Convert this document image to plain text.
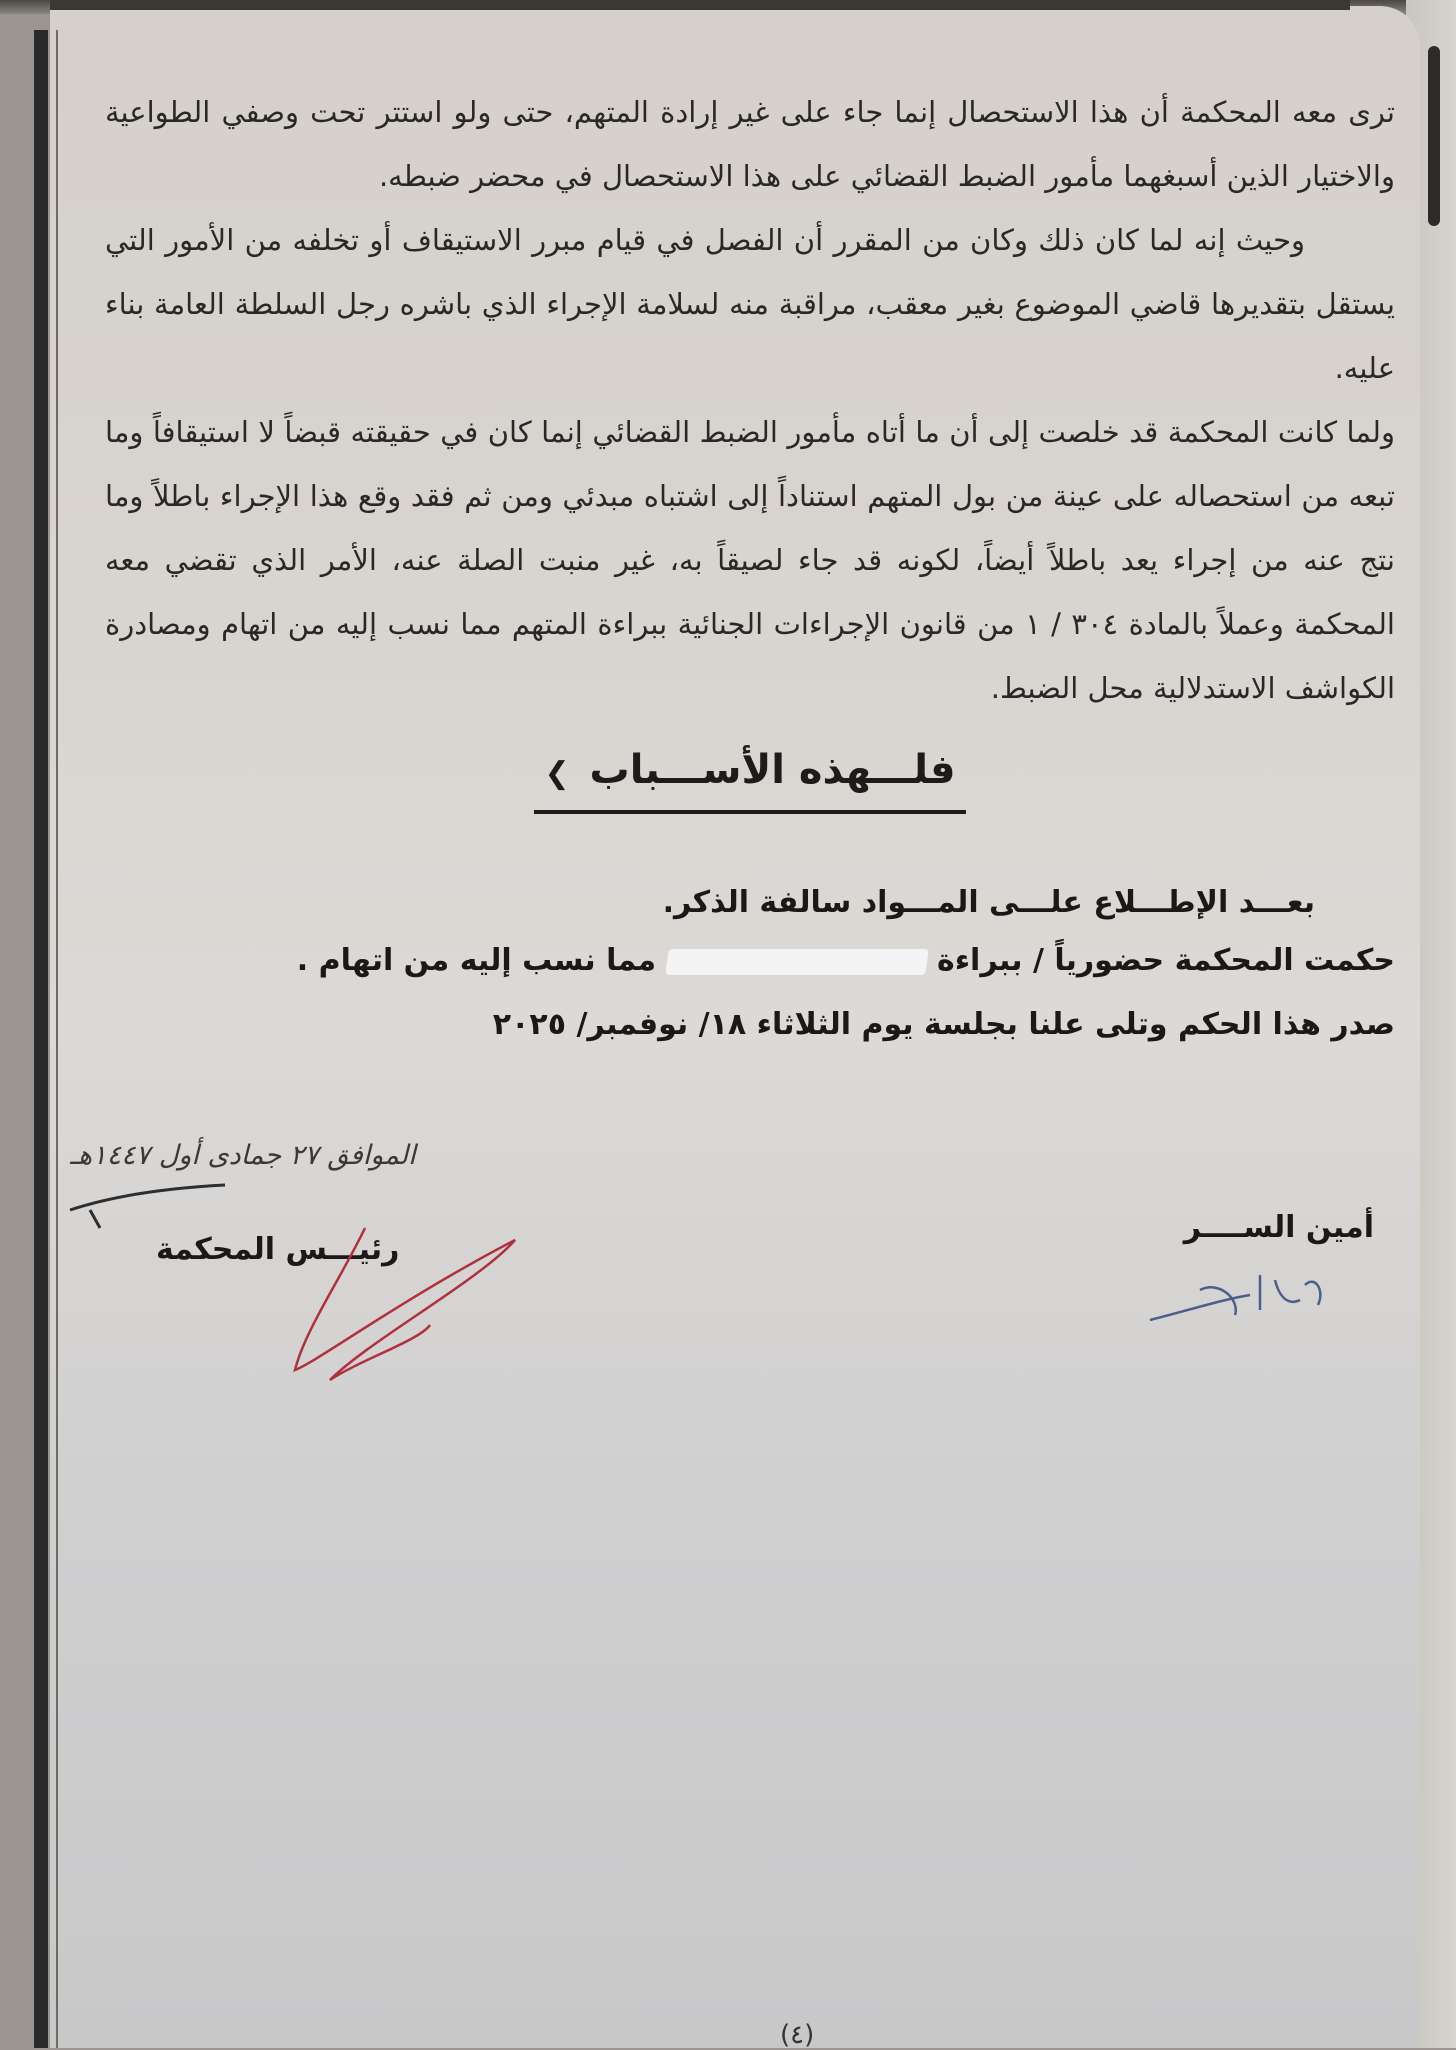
ترى معه المحكمة أن هذا الاستحصال إنما جاء على غير إرادة المتهم، حتى ولو استتر تحت وصفي الطواعية والاختيار الذين أسبغهما مأمور الضبط القضائي على هذا الاستحصال في محضر ضبطه.

وحيث إنه لما كان ذلك وكان من المقرر أن الفصل في قيام مبرر الاستيقاف أو تخلفه من الأمور التي يستقل بتقديرها قاضي الموضوع بغير معقب، مراقبة منه لسلامة الإجراء الذي باشره رجل السلطة العامة بناء عليه.

ولما كانت المحكمة قد خلصت إلى أن ما أتاه مأمور الضبط القضائي إنما كان في حقيقته قبضاً لا استيقافاً وما تبعه من استحصاله على عينة من بول المتهم استناداً إلى اشتباه مبدئي ومن ثم فقد وقع هذا الإجراء باطلاً وما نتج عنه من إجراء يعد باطلاً أيضاً، لكونه قد جاء لصيقاً به، غير منبت الصلة عنه، الأمر الذي تقضي معه المحكمة وعملاً بالمادة ٣٠٤ / ١ من قانون الإجراءات الجنائية ببراءة المتهم مما نسب إليه من اتهام ومصادرة الكواشف الاستدلالية محل الضبط.

فلـــهذه الأســـباب ❯

بعـــد الإطـــلاع علـــى المـــواد سالفة الذكر.

حكمت المحكمة حضورياً / ببراءة  مما نسب إليه من اتهام .

صدر هذا الحكم وتلى علنا بجلسة يوم الثلاثاء ١٨/ نوفمبر/ ٢٠٢٥

الموافق ٢٧ جمادى أول ١٤٤٧هـ
أمين الســــر
رئيـــس المحكمة
(٤)
